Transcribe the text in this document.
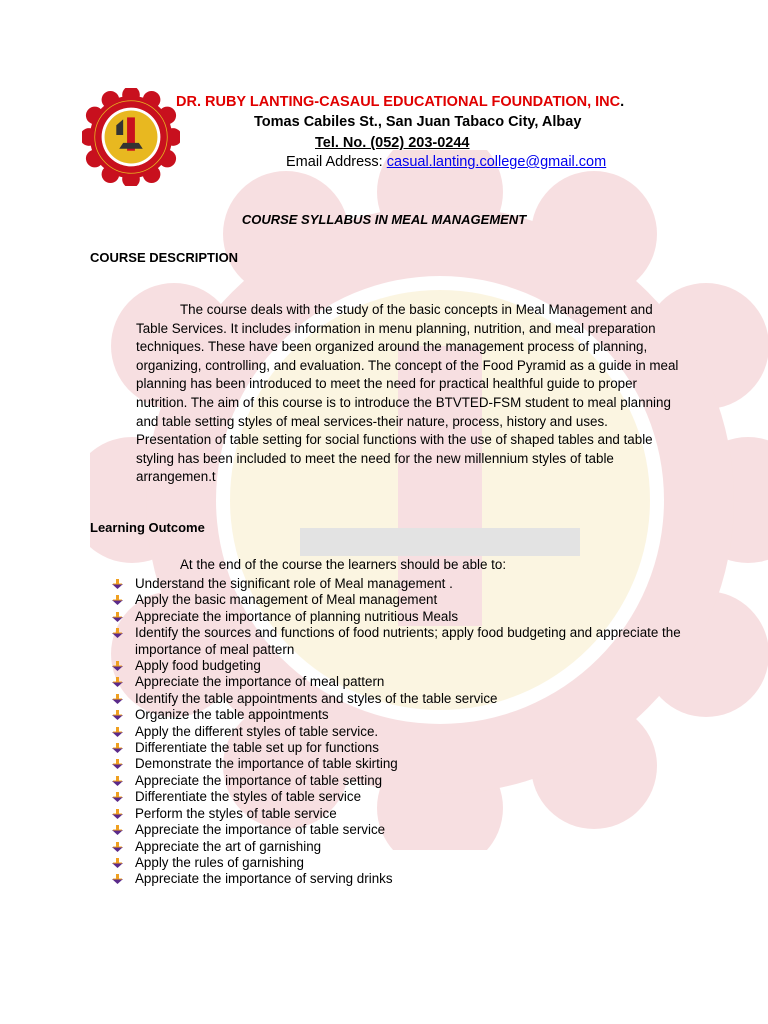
DR. RUBY LANTING-CASAUL EDUCATIONAL FOUNDATION, INC.
Tomas Cabiles St., San Juan Tabaco City, Albay
Tel. No. (052) 203-0244
Email Address: casual.lanting.college@gmail.com
COURSE SYLLABUS IN MEAL MANAGEMENT
COURSE DESCRIPTION

The course deals with the study of the basic concepts in Meal Management and Table Services. It includes information in menu planning, nutrition, and meal preparation techniques. These have been organized around the management process of planning, organizing, controlling, and evaluation. The concept of the Food Pyramid as a guide in meal planning has been introduced to meet the need for practical healthful guide to proper nutrition. The aim of this course is to introduce the BTVTED-FSM student to meal planning and table setting styles of meal services-their nature, process, history and uses. Presentation of table setting for social functions with the use of shaped tables and table styling has been included to meet the need for the new millennium styles of table arrangemen.t

Learning Outcome
At the end of the course the learners should be able to:
Understand the significant role of Meal management .
Apply the basic management of Meal management
Appreciate the importance of planning nutritious Meals
Identify the sources and functions of food nutrients; apply food budgeting and appreciate the importance of meal pattern
Apply food budgeting
Appreciate the importance of meal pattern
Identify the table appointments and styles of the table service
Organize the table appointments
Apply the different styles of table service.
Differentiate the table set up for functions
Demonstrate the importance of table skirting
Appreciate the importance of table setting
Differentiate the styles of table service
Perform the styles of table service
Appreciate the importance of table service
Appreciate the art of garnishing
Apply the rules of garnishing
Appreciate the importance of serving drinks
